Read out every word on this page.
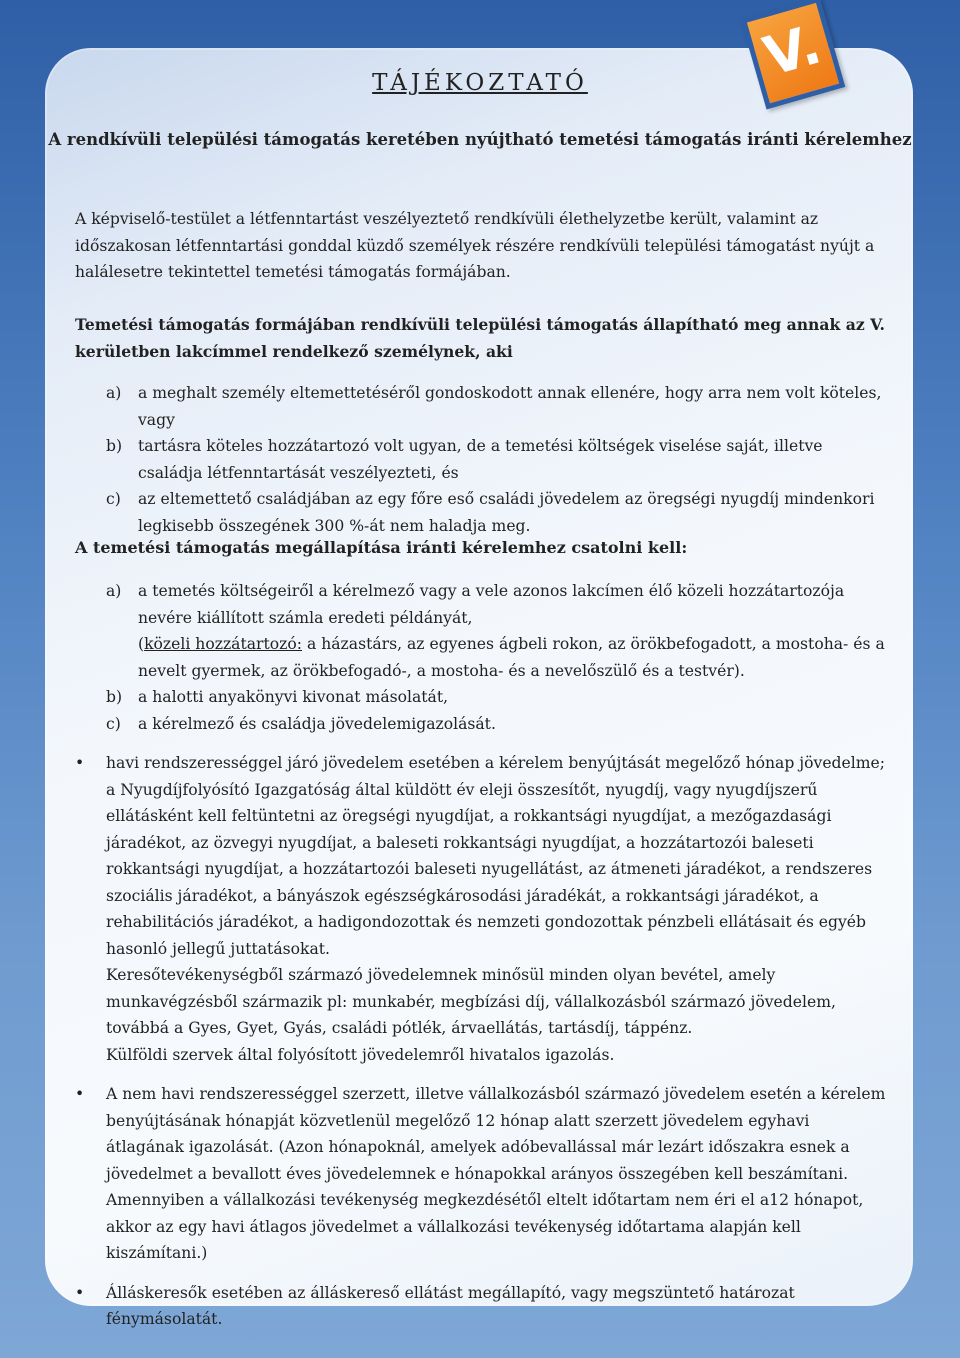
V.
TÁJÉKOZTATÓ
A rendkívüli települési támogatás keretében nyújtható temetési támogatás iránti kérelemhez
A képviselő-testület a létfenntartást veszélyeztető rendkívüli élethelyzetbe került, valamint az időszakosan létfenntartási gonddal küzdő személyek részére rendkívüli települési támogatást nyújt a halálesetre tekintettel temetési támogatás formájában.
Temetési támogatás formájában rendkívüli települési támogatás állapítható meg annak az V. kerületben lakcímmel rendelkező személynek, aki
a) a meghalt személy eltemettetéséről gondoskodott annak ellenére, hogy arra nem volt köteles, vagy
b) tartásra köteles hozzátartozó volt ugyan, de a temetési költségek viselése saját, illetve családja létfenntartását veszélyezteti, és
c) az eltemettető családjában az egy főre eső családi jövedelem az öregségi nyugdíj mindenkori legkisebb összegének 300 %-át nem haladja meg.
A temetési támogatás megállapítása iránti kérelemhez csatolni kell:
a) a temetés költségeiről a kérelmező vagy a vele azonos lakcímen élő közeli hozzátartozója nevére kiállított számla eredeti példányát,
(közeli hozzátartozó: a házastárs, az egyenes ágbeli rokon, az örökbefogadott, a mostoha- és a nevelt gyermek, az örökbefogadó-, a mostoha- és a nevelőszülő és a testvér).
b) a halotti anyakönyvi kivonat másolatát,
c) a kérelmező és családja jövedelemigazolását.
• havi rendszerességgel járó jövedelem esetében a kérelem benyújtását megelőző hónap jövedelme; a Nyugdíjfolyósító Igazgatóság által küldött év eleji összesítőt, nyugdíj, vagy nyugdíjszerű ellátásként kell feltüntetni az öregségi nyugdíjat, a rokkantsági nyugdíjat, a mezőgazdasági járadékot, az özvegyi nyugdíjat, a baleseti rokkantsági nyugdíjat, a hozzátartozói baleseti rokkantsági nyugdíjat, a hozzátartozói baleseti nyugellátást, az átmeneti járadékot, a rendszeres szociális járadékot, a bányászok egészségkárosodási járadékát, a rokkantsági járadékot, a rehabilitációs járadékot, a hadigondozottak és nemzeti gondozottak pénzbeli ellátásait és egyéb hasonló jellegű juttatásokat.
Keresőtevékenységből származó jövedelemnek minősül minden olyan bevétel, amely munkavégzésből származik pl: munkabér, megbízási díj, vállalkozásból származó jövedelem, továbbá a Gyes, Gyet, Gyás, családi pótlék, árvaellátás, tartásdíj, táppénz.
Külföldi szervek által folyósított jövedelemről hivatalos igazolás.
• A nem havi rendszerességgel szerzett, illetve vállalkozásból származó jövedelem esetén a kérelem benyújtásának hónapját közvetlenül megelőző 12 hónap alatt szerzett jövedelem egyhavi átlagának igazolását. (Azon hónapoknál, amelyek adóbevallással már lezárt időszakra esnek a jövedelmet a bevallott éves jövedelemnek e hónapokkal arányos összegében kell beszámítani. Amennyiben a vállalkozási tevékenység megkezdésétől eltelt időtartam nem éri el a12 hónapot, akkor az egy havi átlagos jövedelmet a vállalkozási tevékenység időtartama alapján kell kiszámítani.)
• Álláskeresők esetében az álláskereső ellátást megállapító, vagy megszüntető határozat fénymásolatát.
